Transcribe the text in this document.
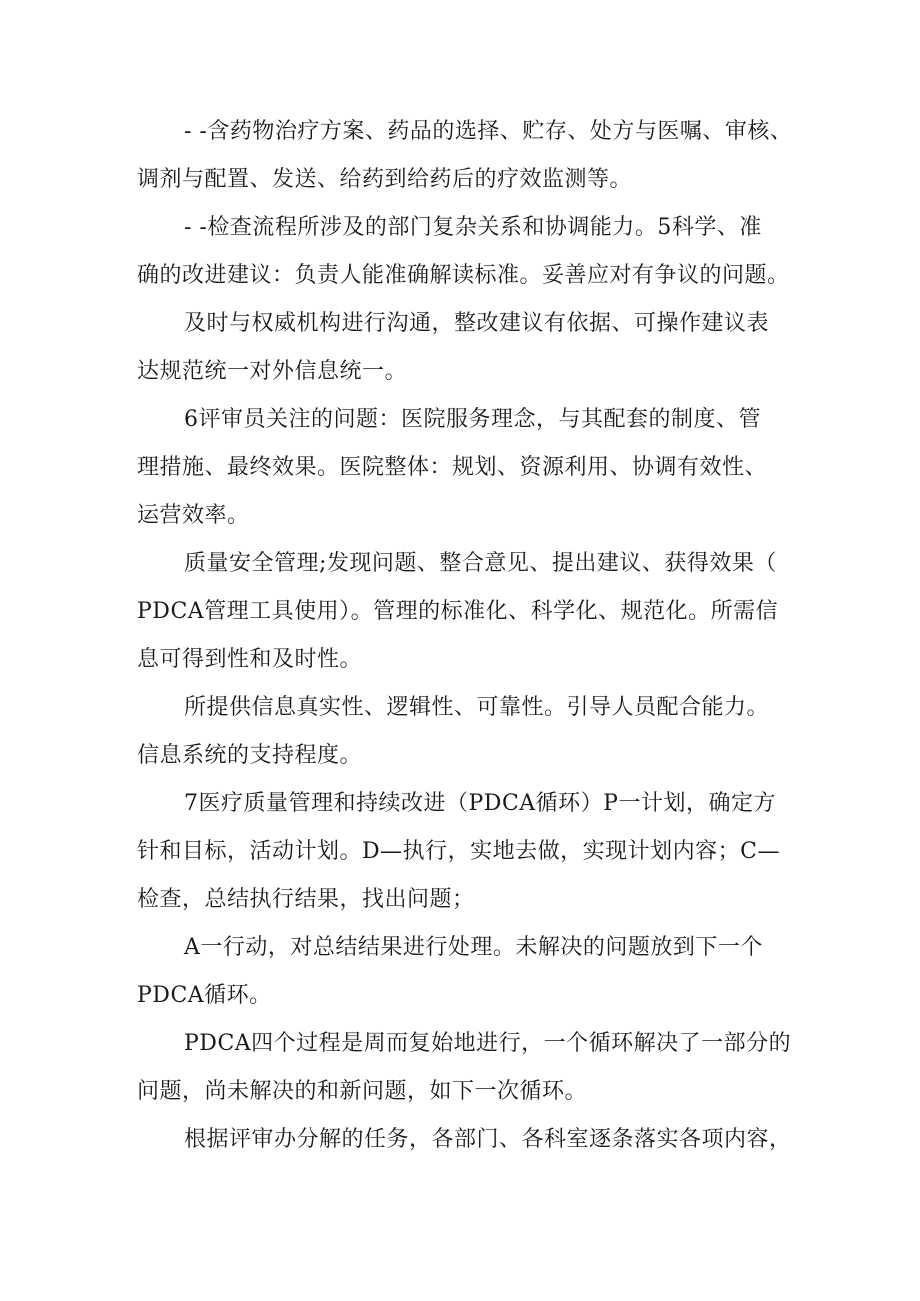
- -含药物治疗方案、药品的选择、贮存、处方与医嘱、审核、
调剂与配置、发送、给药到给药后的疗效监测等。
- -检查流程所涉及的部门复杂关系和协调能力。5科学、准
确的改进建议：负责人能准确解读标准。妥善应对有争议的问题。
及时与权威机构进行沟通，整改建议有依据、可操作建议表
达规范统一对外信息统一。
6评审员关注的问题：医院服务理念，与其配套的制度、管
理措施、最终效果。医院整体：规划、资源利用、协调有效性、
运营效率。
质量安全管理;发现问题、整合意见、提出建议、获得效果（
PDCA管理工具使用）。管理的标准化、科学化、规范化。所需信
息可得到性和及时性。
所提供信息真实性、逻辑性、可靠性。引导人员配合能力。
信息系统的支持程度。
7医疗质量管理和持续改进（PDCA循环）P一计划，确定方
针和目标，活动计划。D—执行，实地去做，实现计划内容；C—
检查，总结执行结果，找出问题；
A一行动，对总结结果进行处理。未解决的问题放到下一个
PDCA循环。
PDCA四个过程是周而复始地进行，一个循环解决了一部分的
问题，尚未解决的和新问题，如下一次循环。
根据评审办分解的任务，各部门、各科室逐条落实各项内容，
